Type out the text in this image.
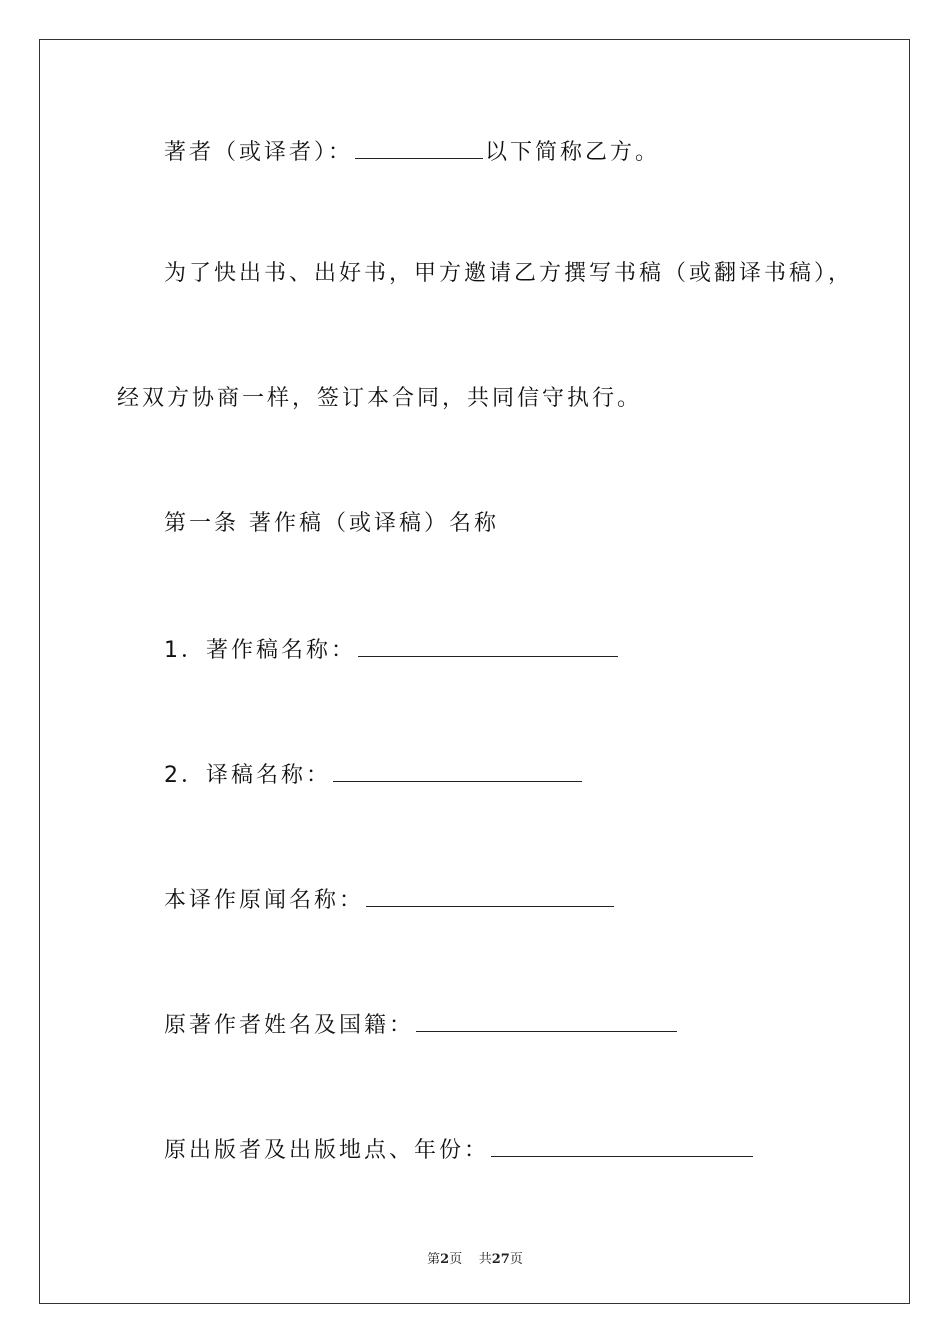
著者（或译者）：	以下简称乙方。
为了快出书、出好书，甲方邀请乙方撰写书稿（或翻译书稿），
经双方协商一样，签订本合同，共同信守执行。
第一条 著作稿（或译稿）名称
1．著作稿名称：
2．译稿名称：
本译作原闻名称：
原著作者姓名及国籍：
原出版者及出版地点、年份：
第2页 共27页
